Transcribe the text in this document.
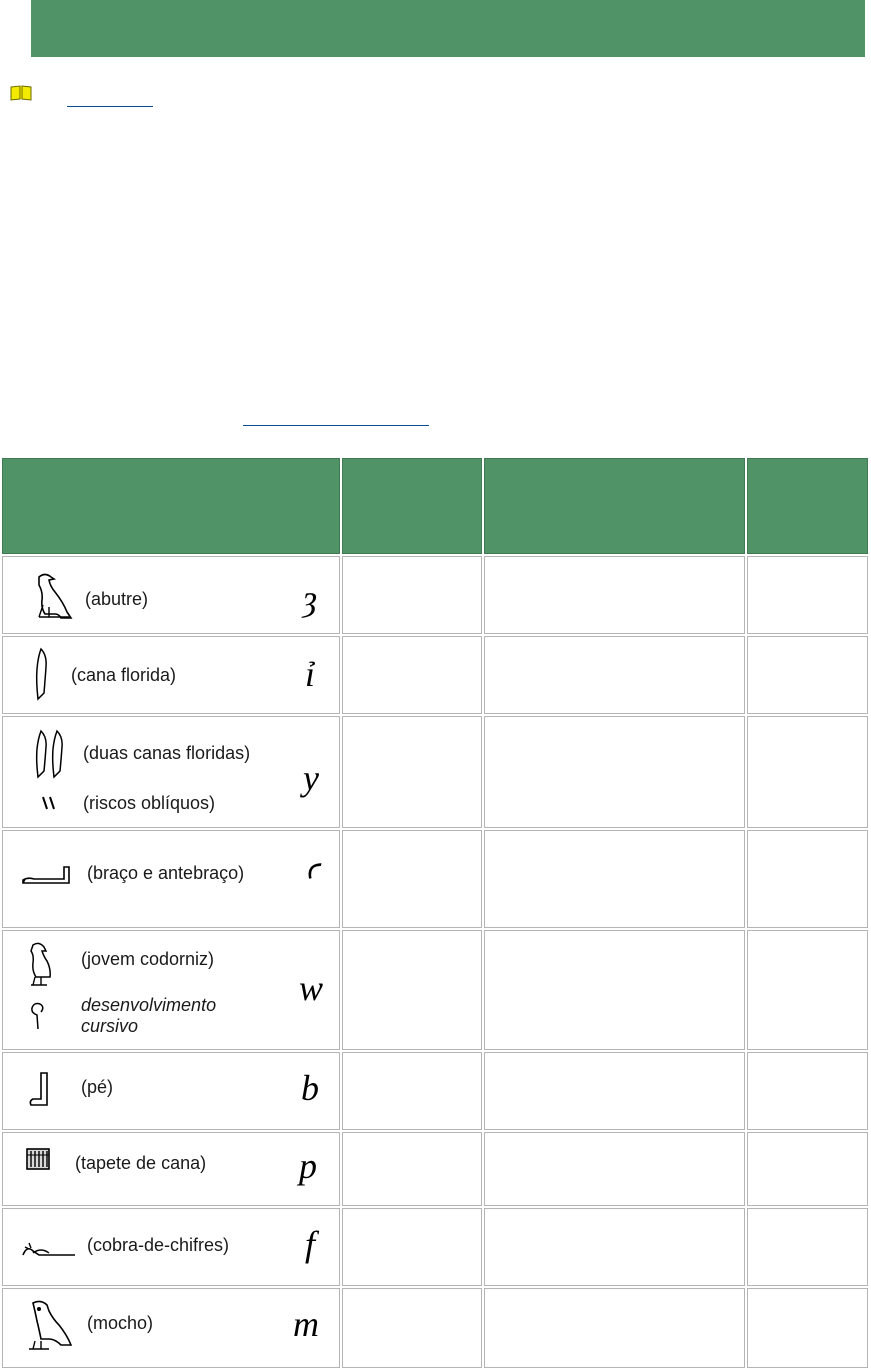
(abutre) ȝ			

(cana florida) ỉ			

(duas canas floridas)
(riscos oblíquos)
y			

(braço e antebraço) ꜥ			

(jovem codorniz)
desenvolvimento cursivo
w			

(pé) b			

(tapete de cana) p			

(cobra-de-chifres) f			

(mocho) m			
